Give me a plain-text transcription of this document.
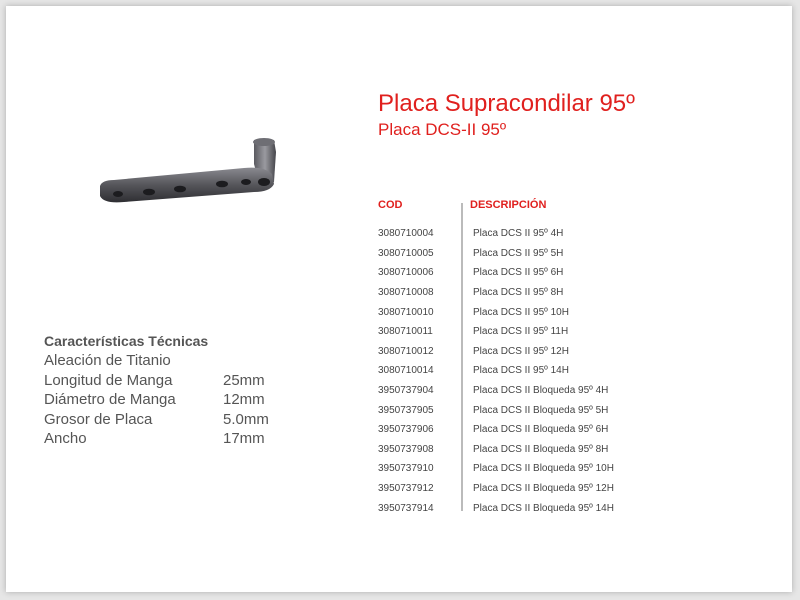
Placa Supracondilar 95º
Placa DCS-II 95º
Características Técnicas
Aleación de Titanio
Longitud de Manga	25mm
Diámetro de Manga	12mm
Grosor de Placa	5.0mm
Ancho	17mm
COD	DESCRIPCIÓN
3080710004	Placa DCS II 95º 4H
3080710005	Placa DCS II 95º 5H
3080710006	Placa DCS II 95º 6H
3080710008	Placa DCS II 95º 8H
3080710010	Placa DCS II 95º 10H
3080710011	Placa DCS II 95º 11H
3080710012	Placa DCS II 95º 12H
3080710014	Placa DCS II 95º 14H
3950737904	Placa DCS II Bloqueda 95º 4H
3950737905	Placa DCS II Bloqueda 95º 5H
3950737906	Placa DCS II Bloqueda 95º 6H
3950737908	Placa DCS II Bloqueda 95º 8H
3950737910	Placa DCS II Bloqueda 95º 10H
3950737912	Placa DCS II Bloqueda 95º 12H
3950737914	Placa DCS II Bloqueda 95º 14H
